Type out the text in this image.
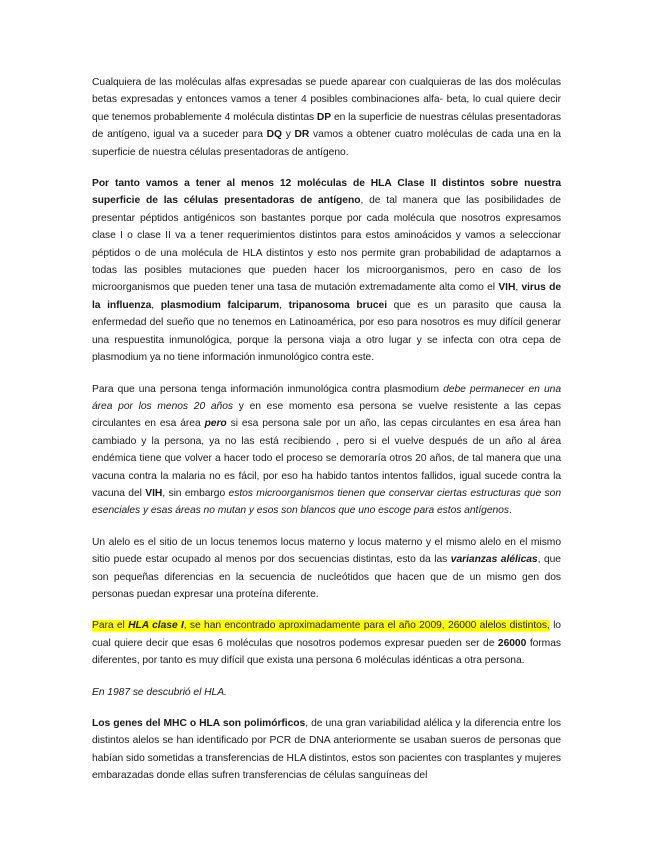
Cualquiera de las moléculas alfas expresadas se puede aparear con cualquieras de las dos moléculas betas expresadas y entonces vamos a tener 4 posibles combinaciones alfa- beta, lo cual quiere decir que tenemos probablemente 4 molécula distintas DP en la superficie de nuestras células presentadoras de antígeno, igual va a suceder para DQ y DR vamos a obtener cuatro moléculas de cada una en la superficie de nuestra células presentadoras de antígeno.

Por tanto vamos a tener al menos 12 moléculas de HLA Clase II distintos sobre nuestra superficie de las células presentadoras de antígeno, de tal manera que las posibilidades de presentar péptidos antigénicos son bastantes porque por cada molécula que nosotros expresamos clase I o clase II va a tener requerimientos distintos para estos aminoácidos y vamos a seleccionar péptidos o de una molécula de HLA distintos y esto nos permite gran probabilidad de adaptarnos a todas las posibles mutaciones que pueden hacer los microorganismos, pero en caso de los microorganismos que pueden tener una tasa de mutación extremadamente alta como el VIH, virus de la influenza, plasmodium falciparum, tripanosoma brucei que es un parasito que causa la enfermedad del sueño que no tenemos en Latinoamérica, por eso para nosotros es muy difícil generar una respuestita inmunológica, porque la persona viaja a otro lugar y se infecta con otra cepa de plasmodium ya no tiene información inmunológico contra este.

Para que una persona tenga información inmunológica contra plasmodium debe permanecer en una área por los menos 20 años y en ese momento esa persona se vuelve resistente a las cepas circulantes en esa área pero si esa persona sale por un año, las cepas circulantes en esa área han cambiado y la persona, ya no las está recibiendo , pero si el vuelve después de un año al área endémica tiene que volver a hacer todo el proceso se demoraría otros 20 años, de tal manera que una vacuna contra la malaria no es fácil, por eso ha habido tantos intentos fallidos, igual sucede contra la vacuna del VIH, sin embargo estos microorganismos tienen que conservar ciertas estructuras que son esenciales y esas áreas no mutan y esos son blancos que uno escoge para estos antígenos.

Un alelo es el sitio de un locus tenemos locus materno y locus materno y el mismo alelo en el mismo sitio puede estar ocupado al menos por dos secuencias distintas, esto da las varianzas alélicas, que son pequeñas diferencias en la secuencia de nucleótidos que hacen que de un mismo gen dos personas puedan expresar una proteína diferente.

Para el HLA clase I, se han encontrado aproximadamente para el año 2009, 26000 alelos distintos, lo cual quiere decir que esas 6 moléculas que nosotros podemos expresar pueden ser de 26000 formas diferentes, por tanto es muy difícil que exista una persona 6 moléculas idénticas a otra persona.

En 1987 se descubrió el HLA.

Los genes del MHC o HLA son polimórficos, de una gran variabilidad alélica y la diferencia entre los distintos alelos se han identificado por PCR de DNA anteriormente se usaban sueros de personas que habían sido sometidas a transferencias de HLA distintos, estos son pacientes con trasplantes y mujeres embarazadas donde ellas sufren transferencias de células sanguíneas del
